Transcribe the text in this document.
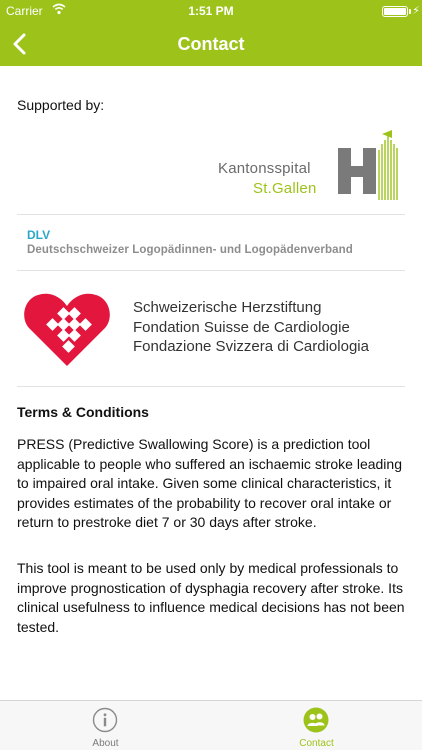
Carrier	1:51 PM	⚡
Contact
Supported by:
Kantonsspital
St.Gallen
DLV
Deutschschweizer Logopädinnen- und Logopädenverband
Schweizerische Herzstiftung
Fondation Suisse de Cardiologie
Fondazione Svizzera di Cardiologia
Terms & Conditions

PRESS (Predictive Swallowing Score) is a prediction tool applicable to people who suffered an ischaemic stroke leading to impaired oral intake. Given some clinical characteristics, it provides estimates of the probability to recover oral intake or return to prestroke diet 7 or 30 days after stroke.

This tool is meant to be used only by medical professionals to improve prognostication of dysphagia recovery after stroke. Its clinical usefulness to influence medical decisions has not been tested.

About	Contact
